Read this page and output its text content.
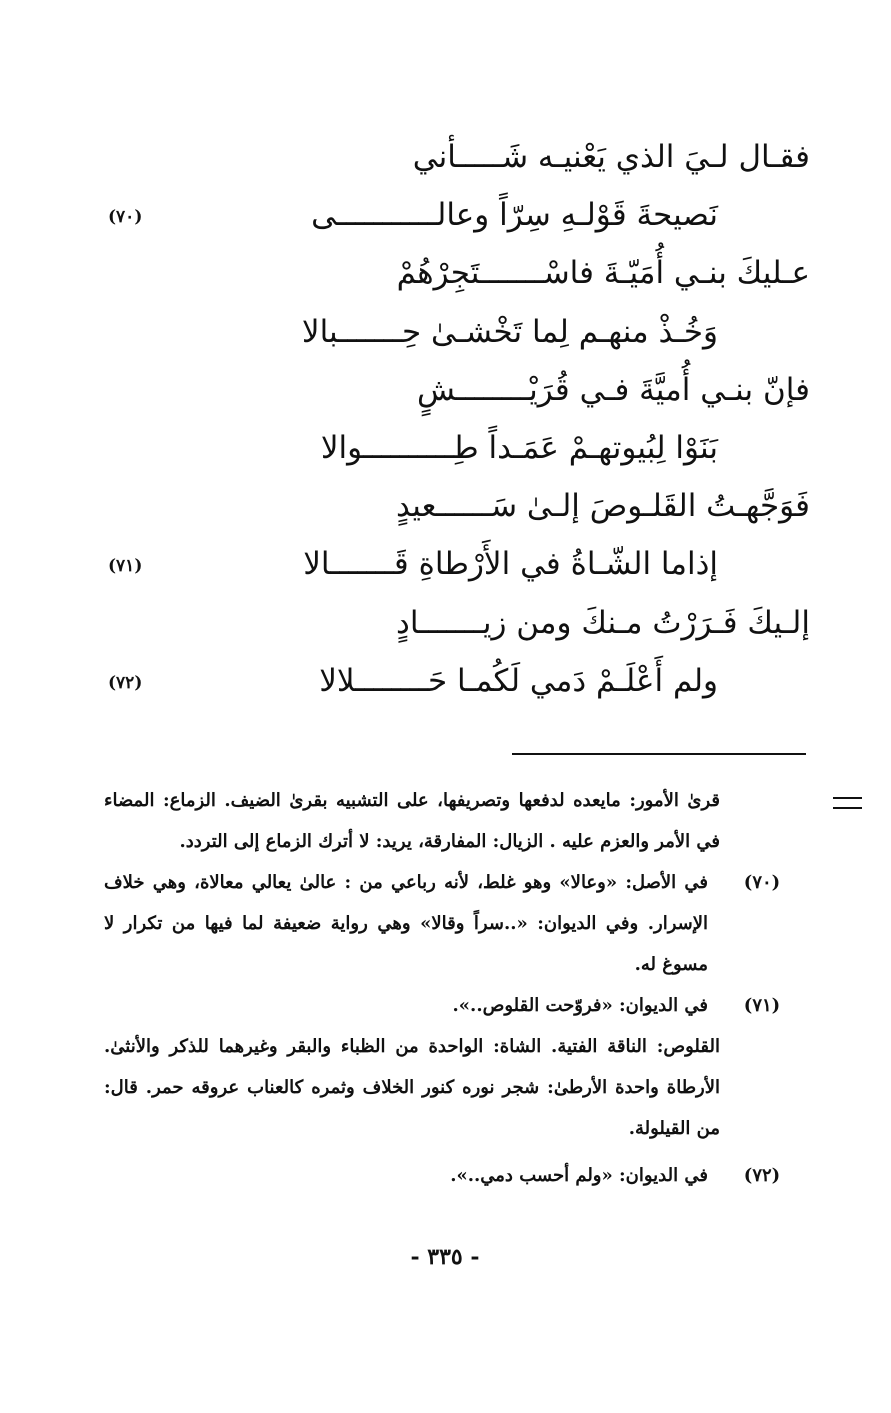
فقـال لـيَ الذي يَعْنيـه شَـــــأني
نَصيحةَ قَوْلـهِ سِرّاً وعالـــــــــــى
(٧٠)
عـليكَ بنـي أُمَيّـةَ فاسْـــــــتَجِرْهُمْ
وَخُـذْ منهـم لِما تَخْشـىٰ حِـــــــبالا
فإنّ بنـي أُميَّةَ فـي قُرَيْــــــــشٍ
بَنَوْا لِبُيوتهـمْ عَمَـداً طِــــــــــوالا
فَوَجَّهـتُ القَلـوصَ إلـىٰ سَــــــعيدٍ
إذاما الشّـاةُ في الأَرْطاةِ قَـــــــالا
(٧١)
إلـيكَ فَـرَرْتُ مـنكَ ومن زيـــــــادٍ
ولم أَعْلَـمْ دَمي لَكُمـا حَــــــــلالا
(٧٢)
قرىٰ الأمور: مايعده لدفعها وتصريفها، على التشبيه بقرىٰ الضيف. الزماع: المضاء في الأمر والعزم عليه . الزيال: المفارقة، يريد: لا أترك الزماع إلى التردد.
(٧٠)
في الأصل: «وعالا» وهو غلط، لأنه رباعي من : عالىٰ يعالي معالاة، وهي خلاف الإسرار. وفي الديوان: «..سراً وقالا» وهي رواية ضعيفة لما فيها من تكرار لا مسوغ له.
(٧١)
في الديوان: «فروّحت القلوص..».
القلوص: الناقة الفتية. الشاة: الواحدة من الظباء والبقر وغيرهما للذكر والأنثىٰ. الأرطاة واحدة الأرطىٰ: شجر نوره كنور الخلاف وثمره كالعناب عروقه حمر. قال: من القيلولة.
(٧٢)
في الديوان: «ولم أحسب دمي..».
- ٣٣٥ -
